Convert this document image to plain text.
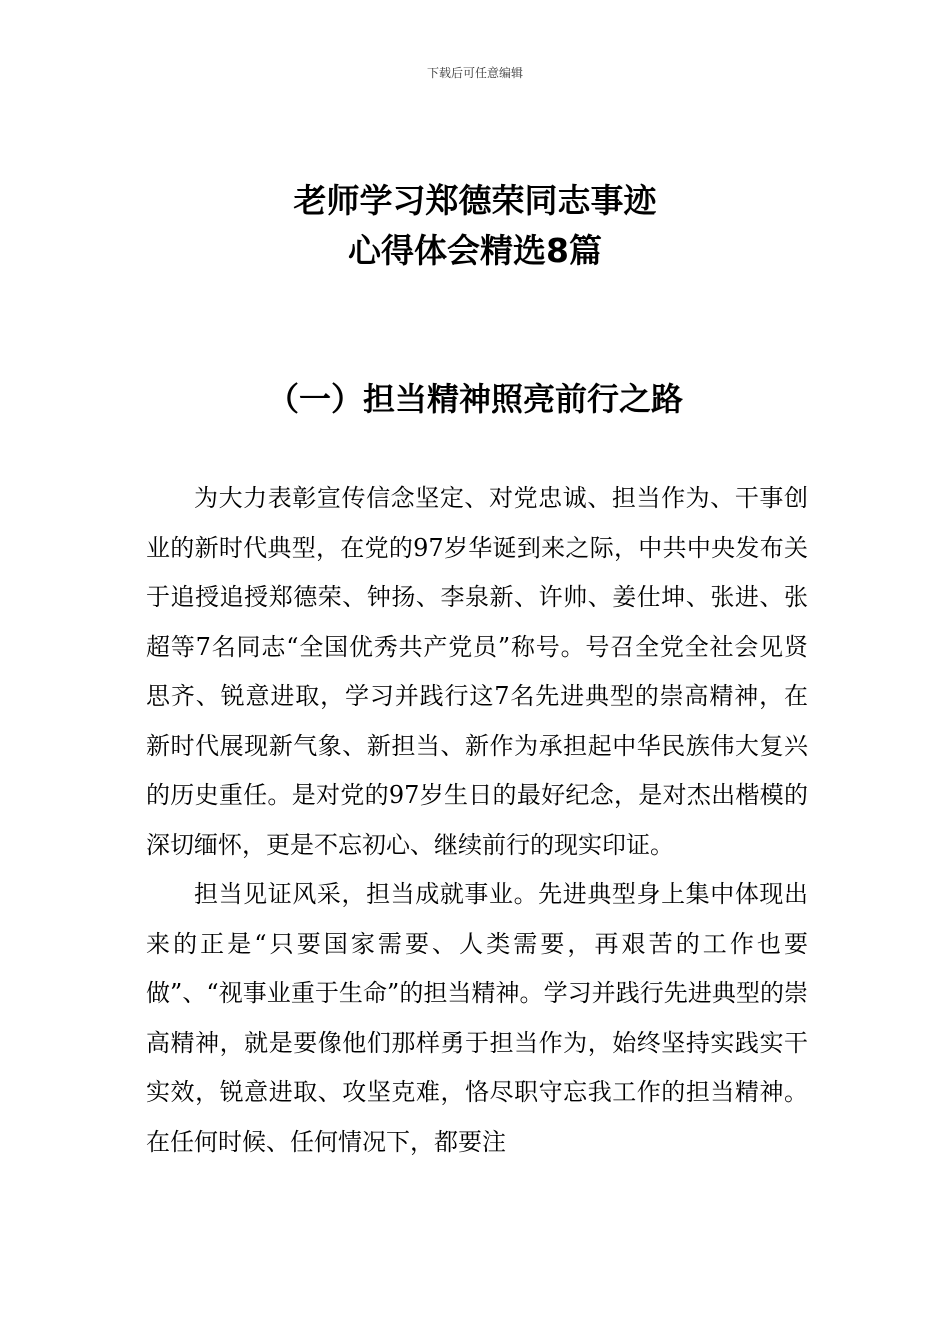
下载后可任意编辑
老师学习郑德荣同志事迹
心得体会精选8篇
（一）担当精神照亮前行之路

为大力表彰宣传信念坚定、对党忠诚、担当作为、干事创业的新时代典型，在党的97岁华诞到来之际，中共中央发布关于追授追授郑德荣、钟扬、李泉新、许帅、姜仕坤、张进、张超等7名同志“全国优秀共产党员”称号。号召全党全社会见贤思齐、锐意进取，学习并践行这7名先进典型的崇高精神，在新时代展现新气象、新担当、新作为承担起中华民族伟大复兴的历史重任。是对党的97岁生日的最好纪念，是对杰出楷模的深切缅怀，更是不忘初心、继续前行的现实印证。

担当见证风采，担当成就事业。先进典型身上集中体现出来的正是“只要国家需要、人类需要，再艰苦的工作也要做”、“视事业重于生命”的担当精神。学习并践行先进典型的崇高精神，就是要像他们那样勇于担当作为，始终坚持实践实干实效，锐意进取、攻坚克难，恪尽职守忘我工作的担当精神。在任何时候、任何情况下，都要注
